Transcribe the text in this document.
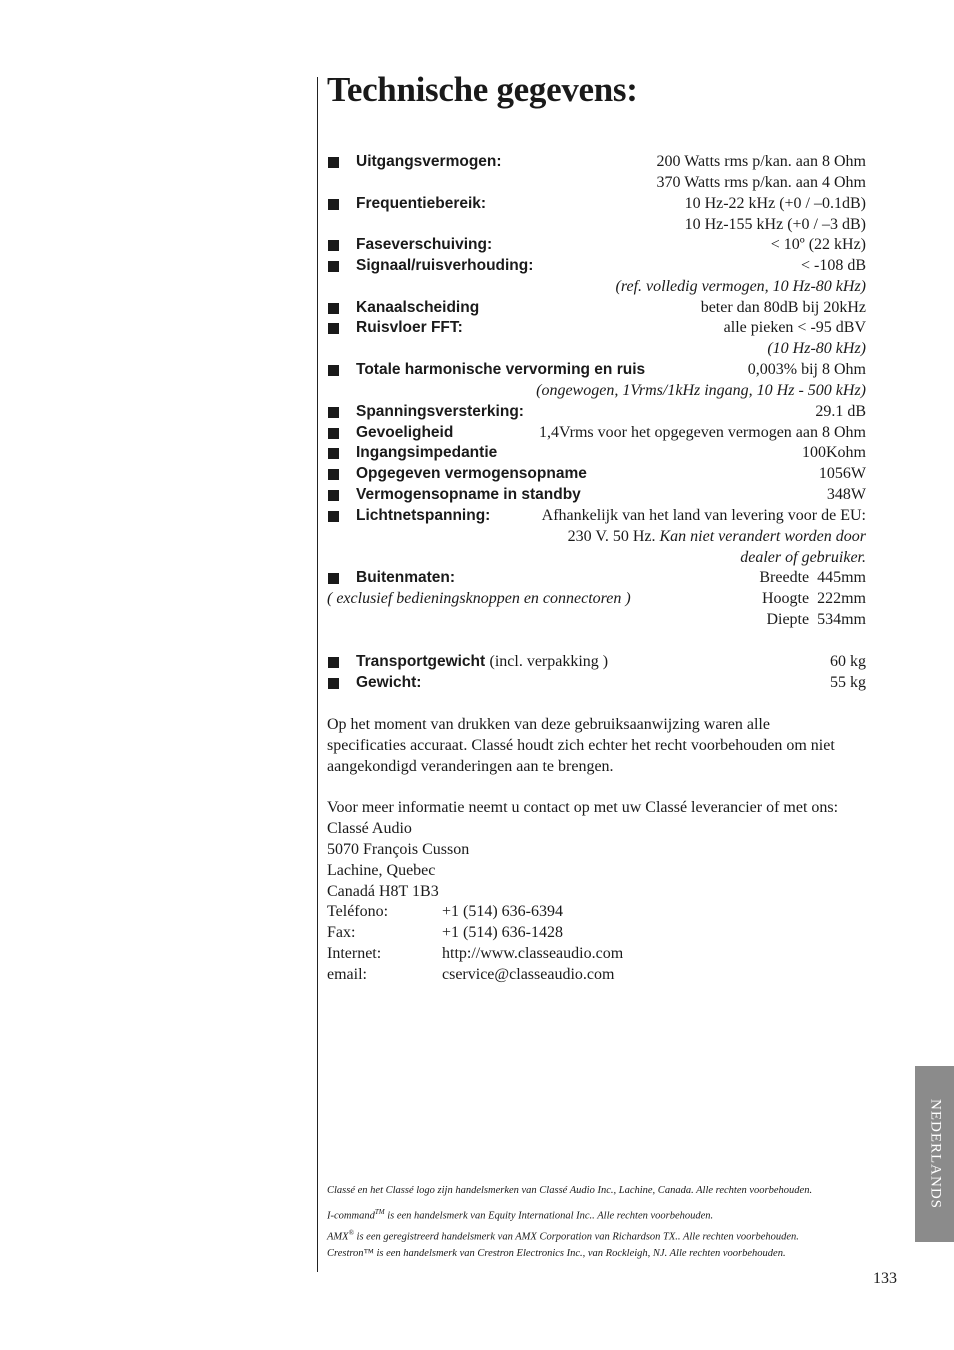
Technische gegevens:
Uitgangsvermogen:	200 Watts rms p/kan. aan 8 Ohm
370 Watts rms p/kan. aan 4 Ohm
Frequentiebereik:	10 Hz-22 kHz (+0 / –0.1dB)
10 Hz-155 kHz (+0 / –3 dB)
Faseverschuiving:	< 10º (22 kHz)
Signaal/ruisverhouding:	< -108 dB
(ref. volledig vermogen, 10 Hz-80 kHz)
Kanaalscheiding	beter dan 80dB bij 20kHz
Ruisvloer FFT:	alle pieken < -95 dBV
(10 Hz-80 kHz)
Totale harmonische vervorming en ruis	0,003% bij 8 Ohm
(ongewogen, 1Vrms/1kHz ingang, 10 Hz - 500 kHz)
Spanningsversterking:	29.1 dB
Gevoeligheid	1,4Vrms voor het opgegeven vermogen aan 8 Ohm
Ingangsimpedantie	100Kohm
Opgegeven vermogensopname	1056W
Vermogensopname in standby	348W
Lichtnetspanning:	Afhankelijk van het land van levering voor de EU:
230 V. 50 Hz. Kan niet verandert worden door
dealer of gebruiker.
Buitenmaten:	Breedte 445mm
( exclusief bedieningsknoppen en connectoren )	Hoogte 222mm
Diepte 534mm
Transportgewicht (incl. verpakking )	60 kg
Gewicht:	55 kg
Op het moment van drukken van deze gebruiksaanwijzing waren alle
specificaties accuraat. Classé houdt zich echter het recht voorbehouden om niet
aangekondigd veranderingen aan te brengen.
Voor meer informatie neemt u contact op met uw Classé leverancier of met ons:
Classé Audio
5070 François Cusson
Lachine, Quebec
Canadá H8T 1B3
Teléfono:	+1 (514) 636-6394
Fax:	+1 (514) 636-1428
Internet:	http://www.classeaudio.com
email:	cservice@classeaudio.com
Classé en het Classé logo zijn handelsmerken van Classé Audio Inc., Lachine, Canada. Alle rechten voorbehouden.
I-command™ is een handelsmerk van Equity International Inc.. Alle rechten voorbehouden.
AMX® is een geregistreerd handelsmerk van AMX Corporation van Richardson TX.. Alle rechten voorbehouden.
Crestron™ is een handelsmerk van Crestron Electronics Inc., van Rockleigh, NJ. Alle rechten voorbehouden.
NEDERLANDS
133
